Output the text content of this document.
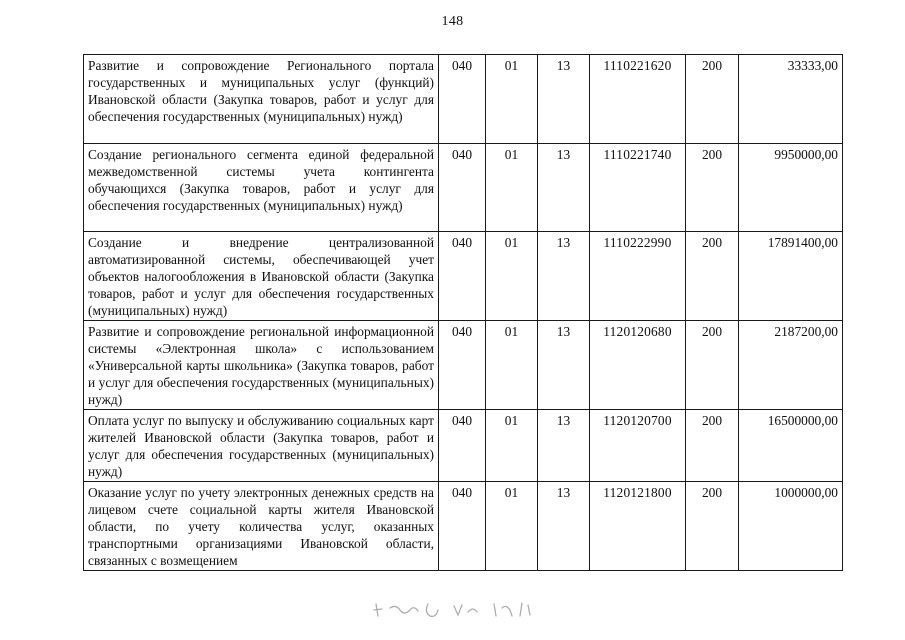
148
Развитие и сопровождение Регионального портала государственных и муниципальных услуг (функций) Ивановской области (Закупка товаров, работ и услуг для обеспечения государственных (муниципальных) нужд)	040	01	13	1110221620	200	33333,00
Создание регионального сегмента единой федеральной межведомственной системы учета контингента обучающихся (Закупка товаров, работ и услуг для обеспечения государственных (муниципальных) нужд)	040	01	13	1110221740	200	9950000,00
Создание и внедрение централизованной автоматизированной системы, обеспечивающей учет объектов налогообложения в Ивановской области (Закупка товаров, работ и услуг для обеспечения государственных (муниципальных) нужд)	040	01	13	1110222990	200	17891400,00
Развитие и сопровождение региональной информационной системы «Электронная школа» с использованием «Универсальной карты школьника» (Закупка товаров, работ и услуг для обеспечения государственных (муниципальных) нужд)	040	01	13	1120120680	200	2187200,00
Оплата услуг по выпуску и обслуживанию социальных карт жителей Ивановской области (Закупка товаров, работ и услуг для обеспечения государственных (муниципальных) нужд)	040	01	13	1120120700	200	16500000,00
Оказание услуг по учету электронных денежных средств на лицевом счете социальной карты жителя Ивановской области, по учету количества услуг, оказанных транспортными организациями Ивановской области, связанных с возмещением	040	01	13	1120121800	200	1000000,00
